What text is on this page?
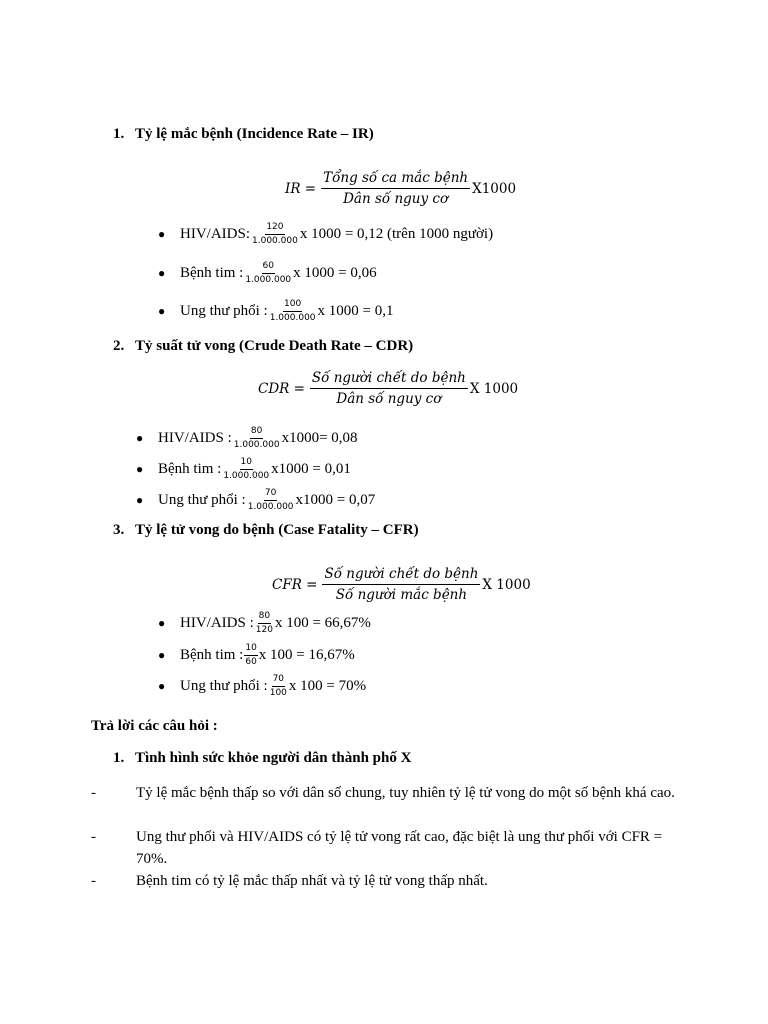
1. Tỷ lệ mắc bệnh (Incidence Rate – IR)
IR = $\frac{\text{Tổng số ca mắc bệnh}}{\text{Dân số nguy cơ}} X1000$
● HIV/AIDS: $\frac{120}{1.000.000}$ x 1000 = 0,12 (trên 1000 người)
● Bệnh tim : $\frac{60}{1.000.000}$ x 1000 = 0,06
● Ung thư phổi : $\frac{100}{1.000.000}$ x 1000 = 0,1
2. Tỷ suất tử vong (Crude Death Rate – CDR)
CDR = $\frac{\text{Số người chết do bệnh}}{\text{Dân số nguy cơ}}$ X 1000
● HIV/AIDS : $\frac{80}{1.000.000} x1000= 0,08$
● Bệnh tim : $\frac{10}{1.000.000} x1000 = 0,01$
● Ung thư phổi : $\frac{70}{1.000.000} x1000 = 0,07$
3. Tỷ lệ tử vong do bệnh (Case Fatality – CFR)
CFR = $\frac{\text{Số người chết do bệnh}}{\text{Số người mắc bệnh}}$ X 1000
● HIV/AIDS : $\frac{80}{120}$ x 100 = 66,67%
● Bệnh tim : $\frac{10}{60}$ x 100 = 16,67%
● Ung thư phổi : $\frac{70}{100}$ x 100 = 70%
Trả lời các câu hỏi :
1. Tình hình sức khỏe người dân thành phố X
-	Tỷ lệ mắc bệnh thấp so với dân số chung, tuy nhiên tỷ lệ tử vong do một số bệnh khá cao.
-	Ung thư phổi và HIV/AIDS có tỷ lệ tử vong rất cao, đặc biệt là ung thư phổi với CFR = 70%.
-	Bệnh tim có tỷ lệ mắc thấp nhất và tỷ lệ tử vong thấp nhất.
